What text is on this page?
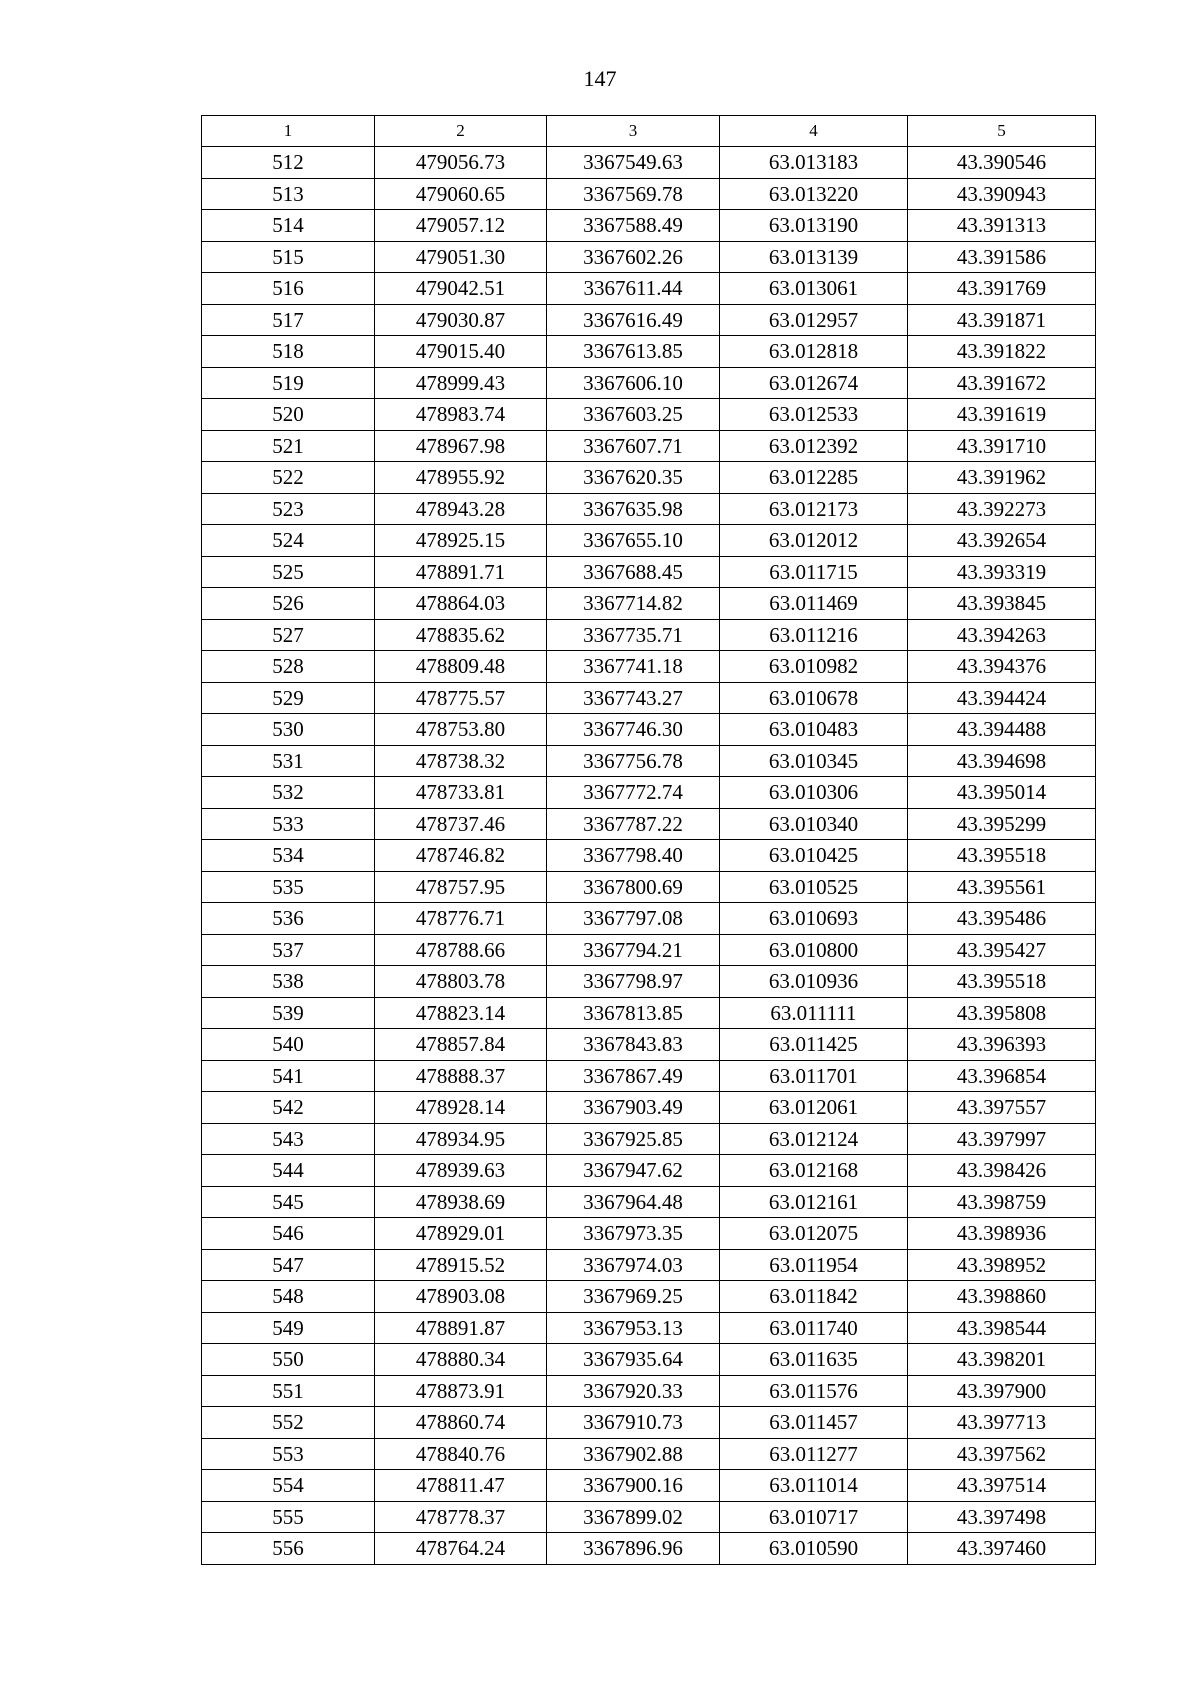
147
1	2	3	4	5
512	479056.73	3367549.63	63.013183	43.390546
513	479060.65	3367569.78	63.013220	43.390943
514	479057.12	3367588.49	63.013190	43.391313
515	479051.30	3367602.26	63.013139	43.391586
516	479042.51	3367611.44	63.013061	43.391769
517	479030.87	3367616.49	63.012957	43.391871
518	479015.40	3367613.85	63.012818	43.391822
519	478999.43	3367606.10	63.012674	43.391672
520	478983.74	3367603.25	63.012533	43.391619
521	478967.98	3367607.71	63.012392	43.391710
522	478955.92	3367620.35	63.012285	43.391962
523	478943.28	3367635.98	63.012173	43.392273
524	478925.15	3367655.10	63.012012	43.392654
525	478891.71	3367688.45	63.011715	43.393319
526	478864.03	3367714.82	63.011469	43.393845
527	478835.62	3367735.71	63.011216	43.394263
528	478809.48	3367741.18	63.010982	43.394376
529	478775.57	3367743.27	63.010678	43.394424
530	478753.80	3367746.30	63.010483	43.394488
531	478738.32	3367756.78	63.010345	43.394698
532	478733.81	3367772.74	63.010306	43.395014
533	478737.46	3367787.22	63.010340	43.395299
534	478746.82	3367798.40	63.010425	43.395518
535	478757.95	3367800.69	63.010525	43.395561
536	478776.71	3367797.08	63.010693	43.395486
537	478788.66	3367794.21	63.010800	43.395427
538	478803.78	3367798.97	63.010936	43.395518
539	478823.14	3367813.85	63.011111	43.395808
540	478857.84	3367843.83	63.011425	43.396393
541	478888.37	3367867.49	63.011701	43.396854
542	478928.14	3367903.49	63.012061	43.397557
543	478934.95	3367925.85	63.012124	43.397997
544	478939.63	3367947.62	63.012168	43.398426
545	478938.69	3367964.48	63.012161	43.398759
546	478929.01	3367973.35	63.012075	43.398936
547	478915.52	3367974.03	63.011954	43.398952
548	478903.08	3367969.25	63.011842	43.398860
549	478891.87	3367953.13	63.011740	43.398544
550	478880.34	3367935.64	63.011635	43.398201
551	478873.91	3367920.33	63.011576	43.397900
552	478860.74	3367910.73	63.011457	43.397713
553	478840.76	3367902.88	63.011277	43.397562
554	478811.47	3367900.16	63.011014	43.397514
555	478778.37	3367899.02	63.010717	43.397498
556	478764.24	3367896.96	63.010590	43.397460
